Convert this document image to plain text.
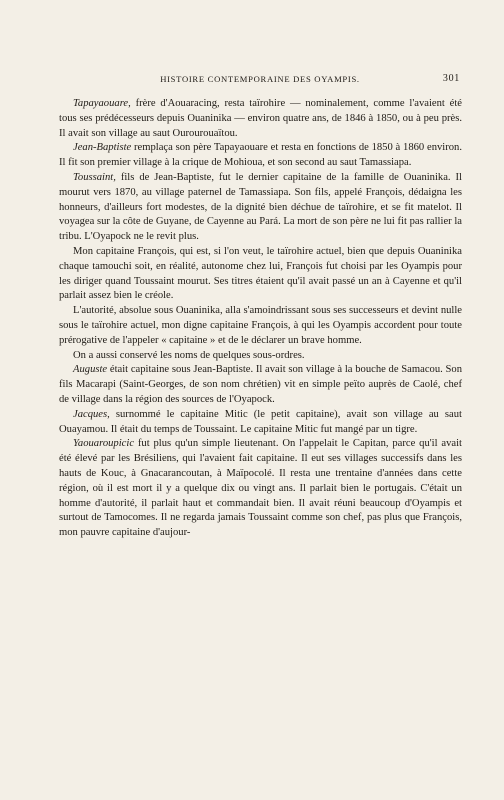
HISTOIRE CONTEMPORAINE DES OYAMPIS.	301

Tapayaouare, frère d'Aouaracing, resta taïrohire — nominalement, comme l'avaient été tous ses prédécesseurs depuis Ouaninika — environ quatre ans, de 1846 à 1850, ou à peu près. Il avait son village au saut Ourourouaïtou.

Jean-Baptiste remplaça son père Tapayaouare et resta en fonctions de 1850 à 1860 environ. Il fit son premier village à la crique de Mohioua, et son second au saut Tamassiapa.

Toussaint, fils de Jean-Baptiste, fut le dernier capitaine de la famille de Ouaninika. Il mourut vers 1870, au village paternel de Tamassiapa. Son fils, appelé François, dédaigna les honneurs, d'ailleurs fort modestes, de la dignité bien déchue de taïrohire, et se fit matelot. Il voyagea sur la côte de Guyane, de Cayenne au Pará. La mort de son père ne lui fit pas rallier la tribu. L'Oyapock ne le revit plus.

Mon capitaine François, qui est, si l'on veut, le taïrohire actuel, bien que depuis Ouaninika chaque tamouchi soit, en réalité, autonome chez lui, François fut choisi par les Oyampis pour les diriger quand Toussaint mourut. Ses titres étaient qu'il avait passé un an à Cayenne et qu'il parlait assez bien le créole.

L'autorité, absolue sous Ouaninika, alla s'amoindrissant sous ses successeurs et devint nulle sous le taïrohire actuel, mon digne capitaine François, à qui les Oyampis accordent pour toute prérogative de l'appeler « capitaine » et de le déclarer un brave homme.

On a aussi conservé les noms de quelques sous-ordres.

Auguste était capitaine sous Jean-Baptiste. Il avait son village à la bouche de Samacou. Son fils Macarapi (Saint-Georges, de son nom chrétien) vit en simple peïto auprès de Caolé, chef de village dans la région des sources de l'Oyapock.

Jacques, surnommé le capitaine Mitic (le petit capitaine), avait son village au saut Ouayamou. Il était du temps de Toussaint. Le capitaine Mitic fut mangé par un tigre.

Yaouaroupicic fut plus qu'un simple lieutenant. On l'appelait le Capitan, parce qu'il avait été élevé par les Brésiliens, qui l'avaient fait capitaine. Il eut ses villages successifs dans les hauts de Kouc, à Gnacarancoutan, à Maïpocolé. Il resta une trentaine d'années dans cette région, où il est mort il y a quelque dix ou vingt ans. Il parlait bien le portugais. C'était un homme d'autorité, il parlait haut et commandait bien. Il avait réuni beaucoup d'Oyampis et surtout de Tamocomes. Il ne regarda jamais Toussaint comme son chef, pas plus que François, mon pauvre capitaine d'aujour-
